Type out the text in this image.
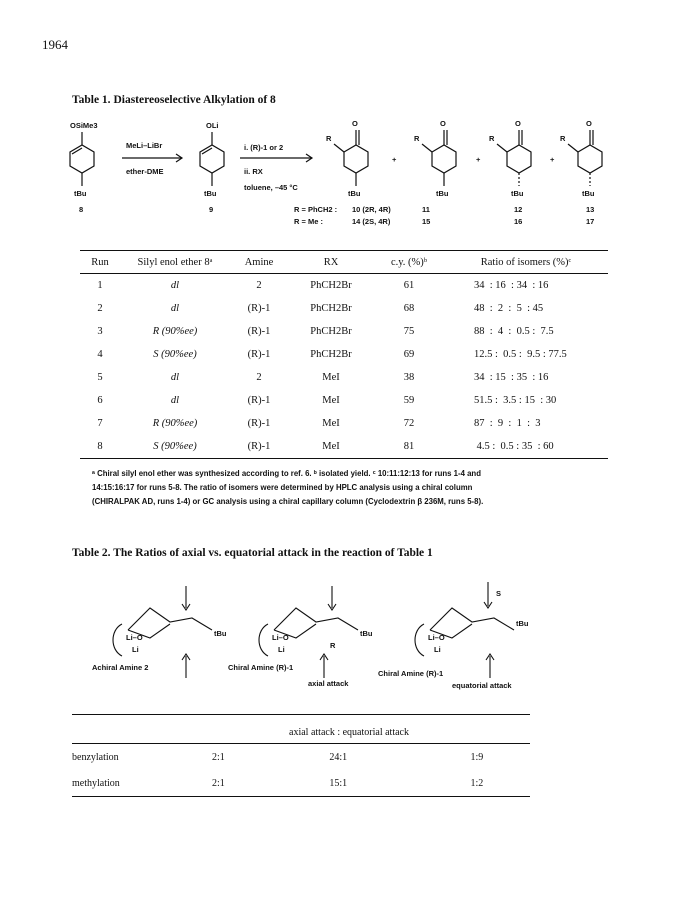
1964
Table 1. Diastereoselective Alkylation of 8
OSiMe3
tBu
8
MeLi–LiBr
ether-DME
OLi
tBu
9
i. (R)-1 or 2
ii. RX
toluene, –45 °C
R
O
tBu
+
R
O
tBu
+
R
O
tBu
+
R
O
tBu
R = PhCH2 : 10 (2R, 4R)	11	12	13
R = Me :	14 (2S, 4R)	15	16	17
Run	Silyl enol ether 8ᵃ	Amine	RX	c.y. (%)ᵇ	Ratio of isomers (%)ᶜ
1	dl	2	PhCH2Br	61	34  : 16  : 34  : 16
2	dl	(R)-1	PhCH2Br	68	48  :  2  :  5  : 45
3	R (90%ee)	(R)-1	PhCH2Br	75	88  :  4  :  0.5 :  7.5
4	S (90%ee)	(R)-1	PhCH2Br	69	12.5 :  0.5 :  9.5 : 77.5
5	dl	2	MeI	38	34  : 15  : 35  : 16
6	dl	(R)-1	MeI	59	51.5 :  3.5 : 15  : 30
7	R (90%ee)	(R)-1	MeI	72	87  :  9  :  1  :  3
8	S (90%ee)	(R)-1	MeI	81	4.5 :  0.5 : 35  : 60
ᵃ Chiral silyl enol ether was synthesized according to ref. 6. ᵇ isolated yield. ᶜ 10:11:12:13 for runs 1-4 and
14:15:16:17 for runs 5-8. The ratio of isomers were determined by HPLC analysis using a chiral column
(CHIRALPAK AD, runs 1-4) or GC analysis using a chiral capillary column (Cyclodextrin β 236M, runs 5-8).
Table 2. The Ratios of axial vs. equatorial attack in the reaction of Table 1
Li–O
Li
tBu
Achiral Amine 2
Li–O
Li
tBu
R
Chiral Amine (R)-1
axial attack
Li–O
Li
tBu
S
Chiral Amine (R)-1
equatorial attack

	axial attack : equatorial attack		
benzylation	2:1	24:1	1:9
methylation	2:1	15:1	1:2
